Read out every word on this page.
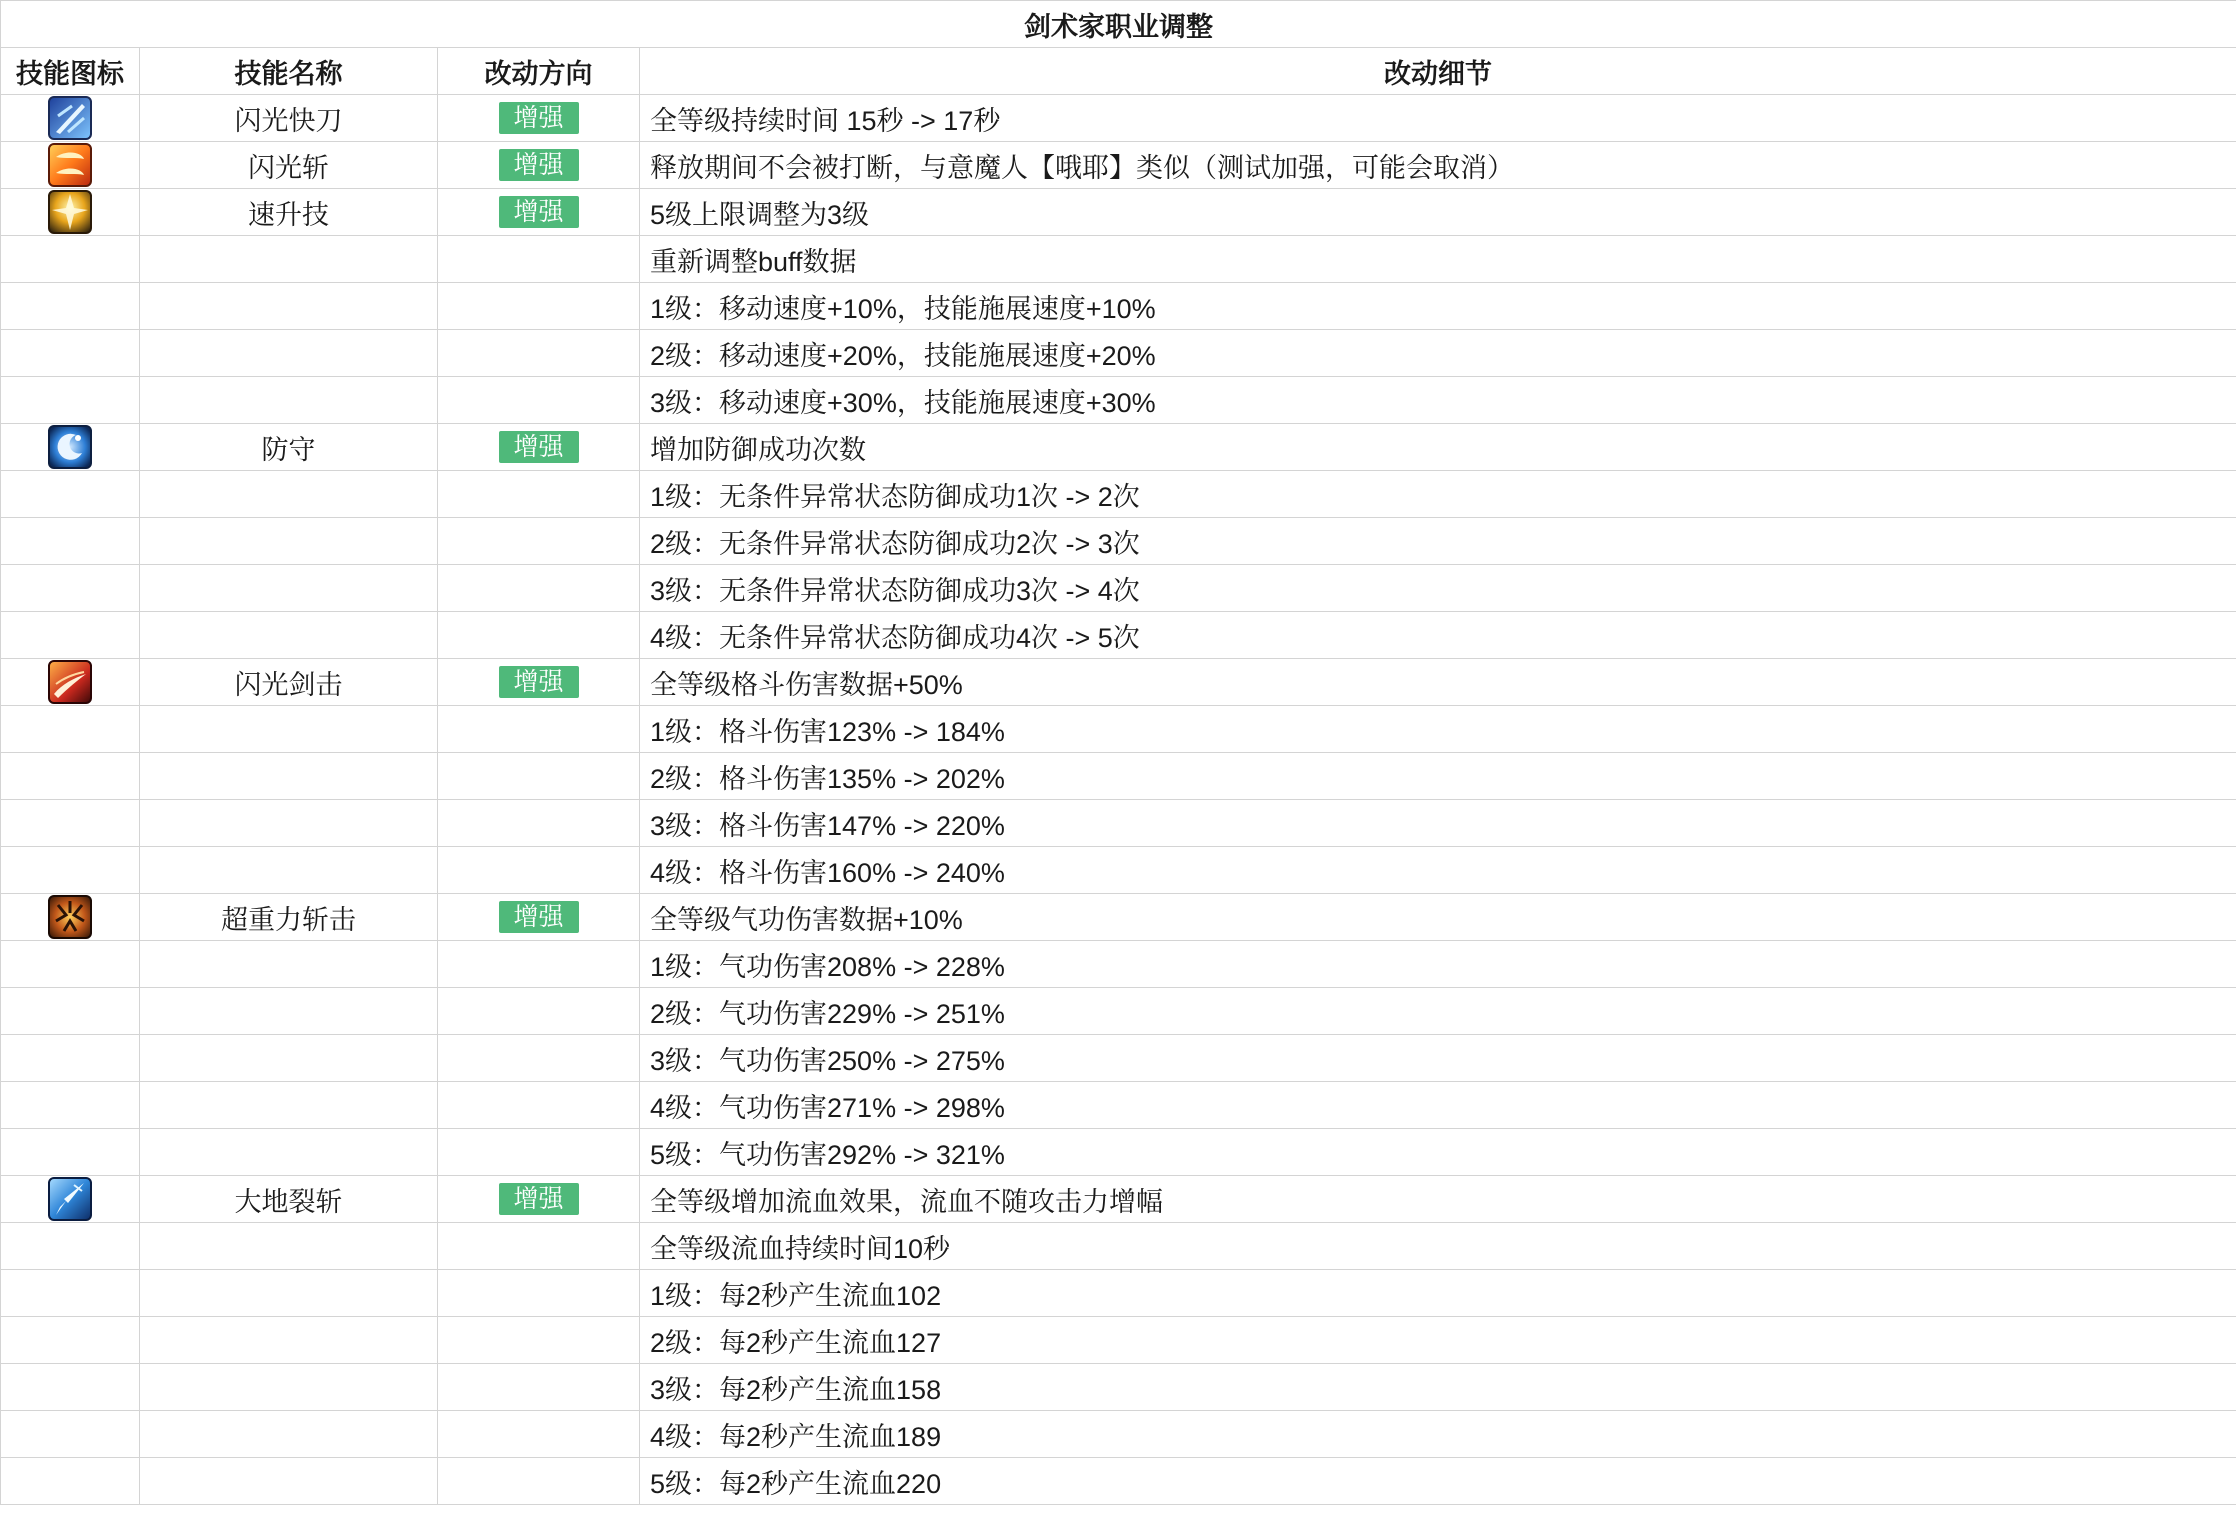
剑术家职业调整			
技能图标	技能名称	改动方向	改动细节

	闪光快刀	增强	全等级持续时间 15秒 -> 17秒

	闪光斩	增强	释放期间不会被打断，与意魔人【哦耶】类似（测试加强，可能会取消）

	速升技	增强	5级上限调整为3级
			重新调整buff数据
			1级：移动速度+10%，技能施展速度+10%
			2级：移动速度+20%，技能施展速度+20%
			3级：移动速度+30%，技能施展速度+30%

	防守	增强	增加防御成功次数
			1级：无条件异常状态防御成功1次 -> 2次
			2级：无条件异常状态防御成功2次 -> 3次
			3级：无条件异常状态防御成功3次 -> 4次
			4级：无条件异常状态防御成功4次 -> 5次

	闪光剑击	增强	全等级格斗伤害数据+50%
			1级：格斗伤害123% -> 184%
			2级：格斗伤害135% -> 202%
			3级：格斗伤害147% -> 220%
			4级：格斗伤害160% -> 240%

	超重力斩击	增强	全等级气功伤害数据+10%
			1级：气功伤害208% -> 228%
			2级：气功伤害229% -> 251%
			3级：气功伤害250% -> 275%
			4级：气功伤害271% -> 298%
			5级：气功伤害292% -> 321%

	大地裂斩	增强	全等级增加流血效果，流血不随攻击力增幅
			全等级流血持续时间10秒
			1级：每2秒产生流血102
			2级：每2秒产生流血127
			3级：每2秒产生流血158
			4级：每2秒产生流血189
			5级：每2秒产生流血220
